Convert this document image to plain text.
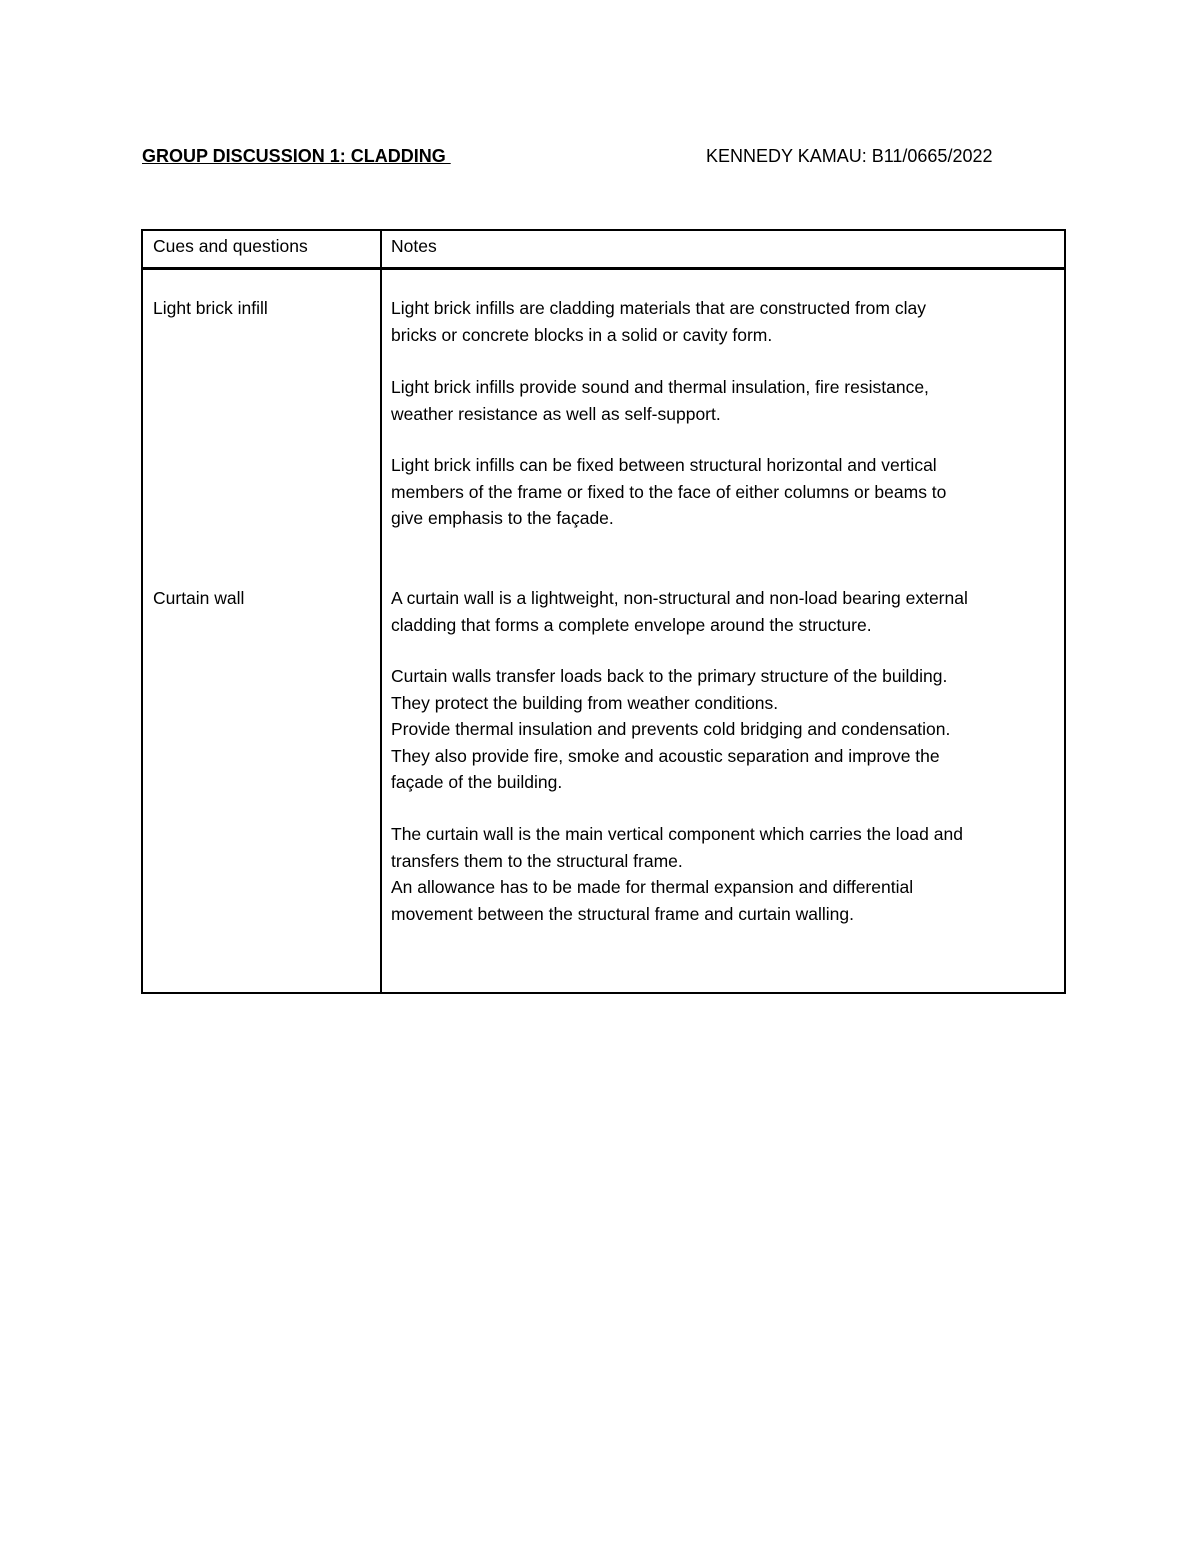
GROUP DISCUSSION 1: CLADDING	KENNEDY KAMAU: B11/0665/2022
Cues and questions	Notes
Light brick infill	Light brick infills are cladding materials that are constructed from clay
bricks or concrete blocks in a solid or cavity form.
Light brick infills provide sound and thermal insulation, fire resistance,
weather resistance as well as self-support.
Light brick infills can be fixed between structural horizontal and vertical
members of the frame or fixed to the face of either columns or beams to
give emphasis to the façade.
Curtain wall	A curtain wall is a lightweight, non-structural and non-load bearing external
cladding that forms a complete envelope around the structure.
Curtain walls transfer loads back to the primary structure of the building.
They protect the building from weather conditions.
Provide thermal insulation and prevents cold bridging and condensation.
They also provide fire, smoke and acoustic separation and improve the
façade of the building.
The curtain wall is the main vertical component which carries the load and
transfers them to the structural frame.
An allowance has to be made for thermal expansion and differential
movement between the structural frame and curtain walling.
